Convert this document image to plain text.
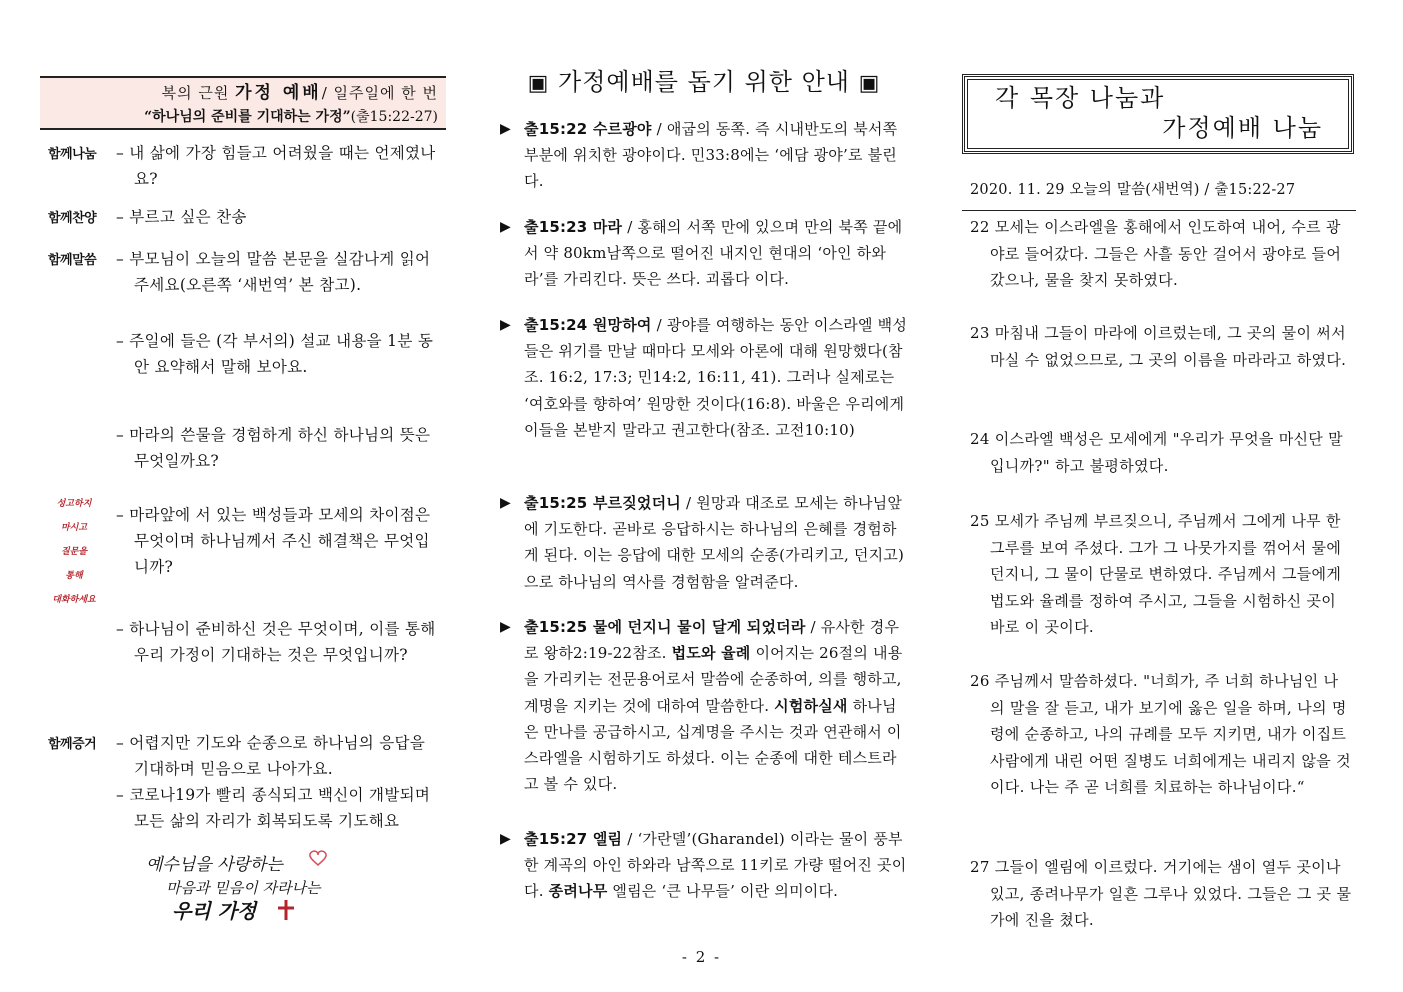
복의 근원 가정 예배/ 일주일에 한 번
“하나님의 준비를 기대하는 가정”(출15:22-27)
함께나눔 – 내 삶에 가장 힘들고 어려웠을 때는 언제였나요?
함께찬양 – 부르고 싶은 찬송
함께말씀 – 부모님이 오늘의 말씀 본문을 실감나게 읽어주세요(오른쪽 ‘새번역’ 본 참고).
– 주일에 들은 (각 부서의) 설교 내용을 1분 동안 요약해서 말해 보아요.
– 마라의 쓴물을 경험하게 하신 하나님의 뜻은 무엇일까요?
– 마라앞에 서 있는 백성들과 모세의 차이점은 무엇이며 하나님께서 주신 해결책은 무엇입니까?
– 하나님이 준비하신 것은 무엇이며, 이를 통해 우리 가정이 기대하는 것은 무엇입니까?
성고하지
마시고
질문을
통해
대화하세요
함께증거 – 어렵지만 기도와 순종으로 하나님의 응답을 기대하며 믿음으로 나아가요.
– 코로나19가 빨리 종식되고 백신이 개발되며 모든 삶의 자리가 회복되도록 기도해요
예수님을 사랑하는
마음과 믿음이 자라나는
우리 가정
▣ 가정예배를 돕기 위한 안내 ▣
▶ 출15:22 수르광야 / 애굽의 동쪽. 즉 시내반도의 북서쪽 부분에 위치한 광야이다. 민33:8에는 ‘에담 광야’로 불린다.
▶ 출15:23 마라 / 홍해의 서쪽 만에 있으며 만의 북쪽 끝에서 약 80km남쪽으로 떨어진 내지인 현대의 ‘아인 하와라’를 가리킨다. 뜻은 쓰다. 괴롭다 이다.
▶ 출15:24 원망하여 / 광야를 여행하는 동안 이스라엘 백성들은 위기를 만날 때마다 모세와 아론에 대해 원망했다(참조. 16:2, 17:3; 민14:2, 16:11, 41). 그러나 실제로는 ‘여호와를 향하여’ 원망한 것이다(16:8). 바울은 우리에게 이들을 본받지 말라고 권고한다(참조. 고전10:10)
▶ 출15:25 부르짖었더니 / 원망과 대조로 모세는 하나님앞에 기도한다. 곧바로 응답하시는 하나님의 은혜를 경험하게 된다. 이는 응답에 대한 모세의 순종(가리키고, 던지고)으로 하나님의 역사를 경험함을 알려준다.
▶ 출15:25 물에 던지니 물이 달게 되었더라 / 유사한 경우로 왕하2:19-22참조. 법도와 율례 이어지는 26절의 내용을 가리키는 전문용어로서 말씀에 순종하여, 의를 행하고, 계명을 지키는 것에 대하여 말씀한다. 시험하실새 하나님은 만나를 공급하시고, 십계명을 주시는 것과 연관해서 이스라엘을 시험하기도 하셨다. 이는 순종에 대한 테스트라고 볼 수 있다.
▶ 출15:27 엘림 / ‘가란델’(Gharandel) 이라는 물이 풍부한 계곡의 아인 하와라 남쪽으로 11키로 가량 떨어진 곳이다. 종려나무 엘림은 ‘큰 나무들’ 이란 의미이다.
각 목장 나눔과
가정예배 나눔
2020. 11. 29 오늘의 말씀(새번역) / 출15:22-27
22 모세는 이스라엘을 홍해에서 인도하여 내어, 수르 광야로 들어갔다. 그들은 사흘 동안 걸어서 광야로 들어갔으나, 물을 찾지 못하였다.
23 마침내 그들이 마라에 이르렀는데, 그 곳의 물이 써서 마실 수 없었으므로, 그 곳의 이름을 마라라고 하였다.
24 이스라엘 백성은 모세에게 "우리가 무엇을 마신단 말입니까?" 하고 불평하였다.
25 모세가 주님께 부르짖으니, 주님께서 그에게 나무 한 그루를 보여 주셨다. 그가 그 나뭇가지를 꺾어서 물에 던지니, 그 물이 단물로 변하였다. 주님께서 그들에게 법도와 율례를 정하여 주시고, 그들을 시험하신 곳이 바로 이 곳이다.
26 주님께서 말씀하셨다. "너희가, 주 너희 하나님인 나의 말을 잘 듣고, 내가 보기에 옳은 일을 하며, 나의 명령에 순종하고, 나의 규례를 모두 지키면, 내가 이집트 사람에게 내린 어떤 질병도 너희에게는 내리지 않을 것이다. 나는 주 곧 너희를 치료하는 하나님이다.“
27 그들이 엘림에 이르렀다. 거기에는 샘이 열두 곳이나 있고, 종려나무가 일흔 그루나 있었다. 그들은 그 곳 물가에 진을 쳤다.
- 2 -
